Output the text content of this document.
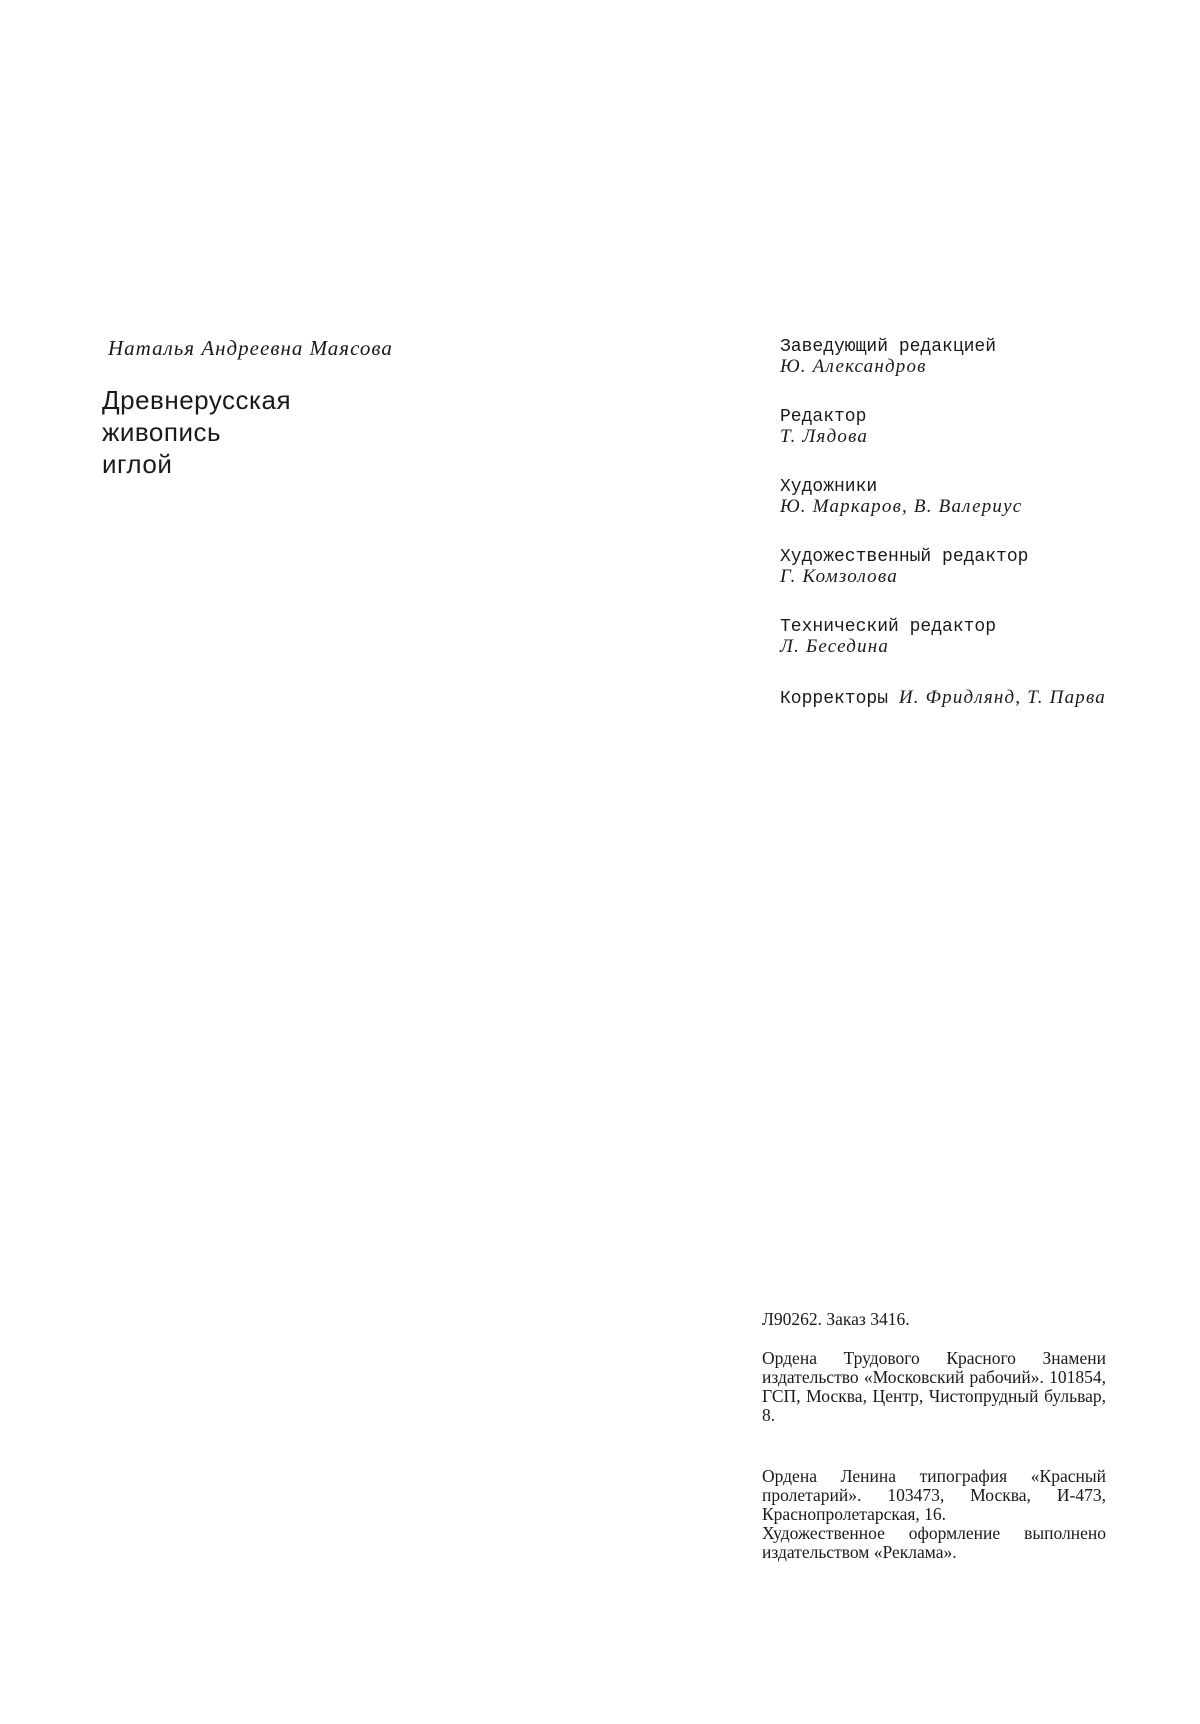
Наталья Андреевна Маясова
Древнерусская
живопись
иглой
Заведующий редакцией
Ю. Александров
Редактор
Т. Лядова
Художники
Ю. Маркаров, В. Валериус
Художественный редактор
Г. Комзолова
Технический редактор
Л. Беседина
Корректоры И. Фридлянд, Т. Парва

Л90262. Заказ 3416.

Ордена Трудового Красного Знамени издательство «Московский рабочий». 101854, ГСП, Москва, Центр, Чистопрудный бульвар, 8.

Ордена Ленина типография «Красный пролетарий». 103473, Москва, И-473, Краснопролетарская, 16.

Художественное оформление выполнено издательством «Реклама».
